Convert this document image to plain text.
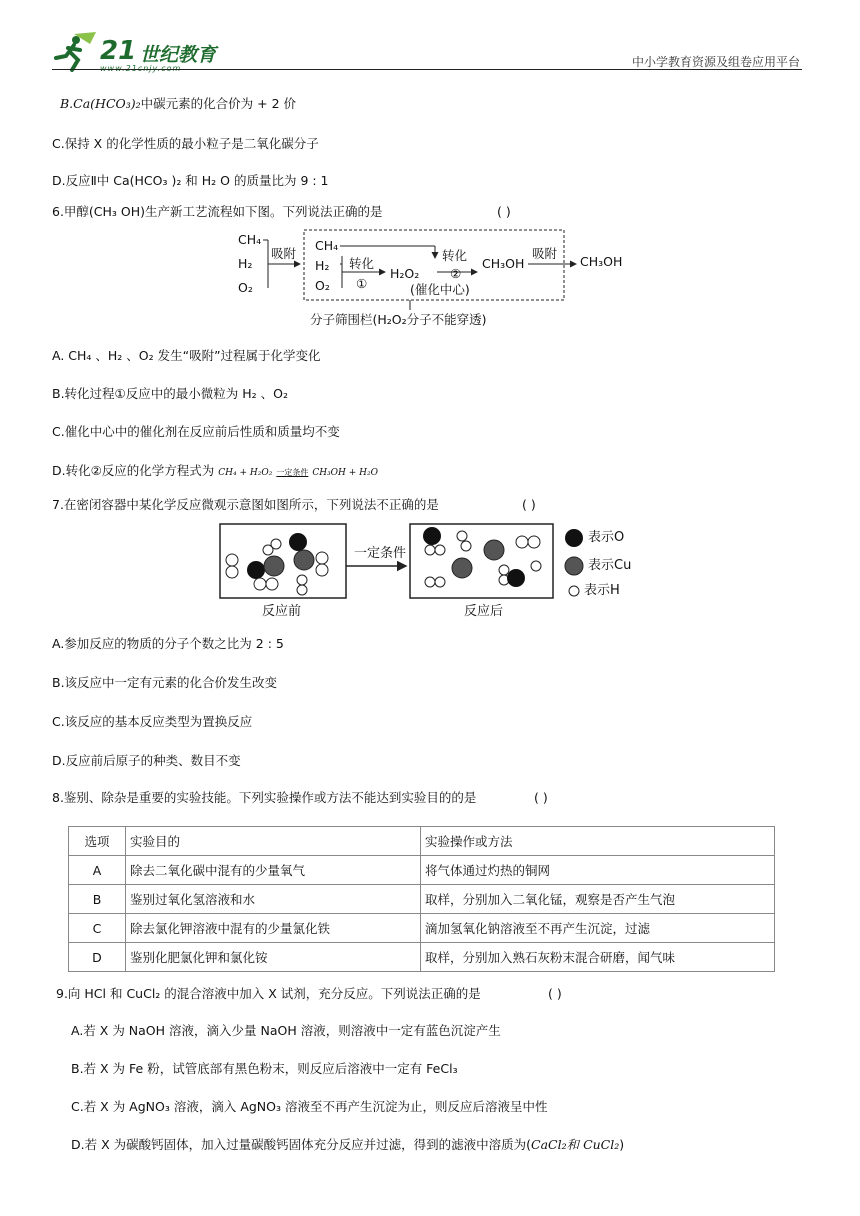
21 世纪教育	中小学教育资源及组卷应用平台
B.Ca(HCO₃)₂中碳元素的化合价为 + 2 价
C.保持 X 的化学性质的最小粒子是二氧化碳分子
D.反应Ⅱ中 Ca(HCO₃ )₂ 和 H₂ O 的质量比为 9 : 1
6.甲醇(CH₃ OH)生产新工艺流程如下图。下列说法正确的是	( )
CH₄
H₂
O₂
吸附
CH₄
H₂
O₂
转化
①
H₂O₂
转化
②
CH₃OH
吸附
CH₃OH
(催化中心)
分子筛围栏(H₂O₂分子不能穿透)
A. CH₄ 、H₂ 、O₂ 发生“吸附”过程属于化学变化
B.转化过程①反应中的最小微粒为 H₂ 、O₂
C.催化中心中的催化剂在反应前后性质和质量均不变
D.转化②反应的化学方程式为 CH₄ + H₂O₂ 一定条件 CH₃OH + H₂O
7.在密闭容器中某化学反应微观示意图如图所示，下列说法不正确的是	( )
一定条件
反应前	反应后
表示O
表示Cu
表示H
A.参加反应的物质的分子个数之比为 2 : 5
B.该反应中一定有元素的化合价发生改变
C.该反应的基本反应类型为置换反应
D.反应前后原子的种类、数目不变
8.鉴别、除杂是重要的实验技能。下列实验操作或方法不能达到实验目的的是	( )
选项	实验目的	实验操作或方法
A	除去二氧化碳中混有的少量氧气	将气体通过灼热的铜网
B	鉴别过氧化氢溶液和水	取样，分别加入二氧化锰，观察是否产生气泡
C	除去氯化钾溶液中混有的少量氯化铁	滴加氢氧化钠溶液至不再产生沉淀，过滤
D	鉴别化肥氯化钾和氯化铵	取样，分别加入熟石灰粉末混合研磨，闻气味
9.向 HCl 和 CuCl₂ 的混合溶液中加入 X 试剂，充分反应。下列说法正确的是	( )
A.若 X 为 NaOH 溶液，滴入少量 NaOH 溶液，则溶液中一定有蓝色沉淀产生
B.若 X 为 Fe 粉，试管底部有黑色粉末，则反应后溶液中一定有 FeCl₃
C.若 X 为 AgNO₃ 溶液，滴入 AgNO₃ 溶液至不再产生沉淀为止，则反应后溶液呈中性
D.若 X 为碳酸钙固体，加入过量碳酸钙固体充分反应并过滤，得到的滤液中溶质为(CaCl₂和 CuCl₂)
